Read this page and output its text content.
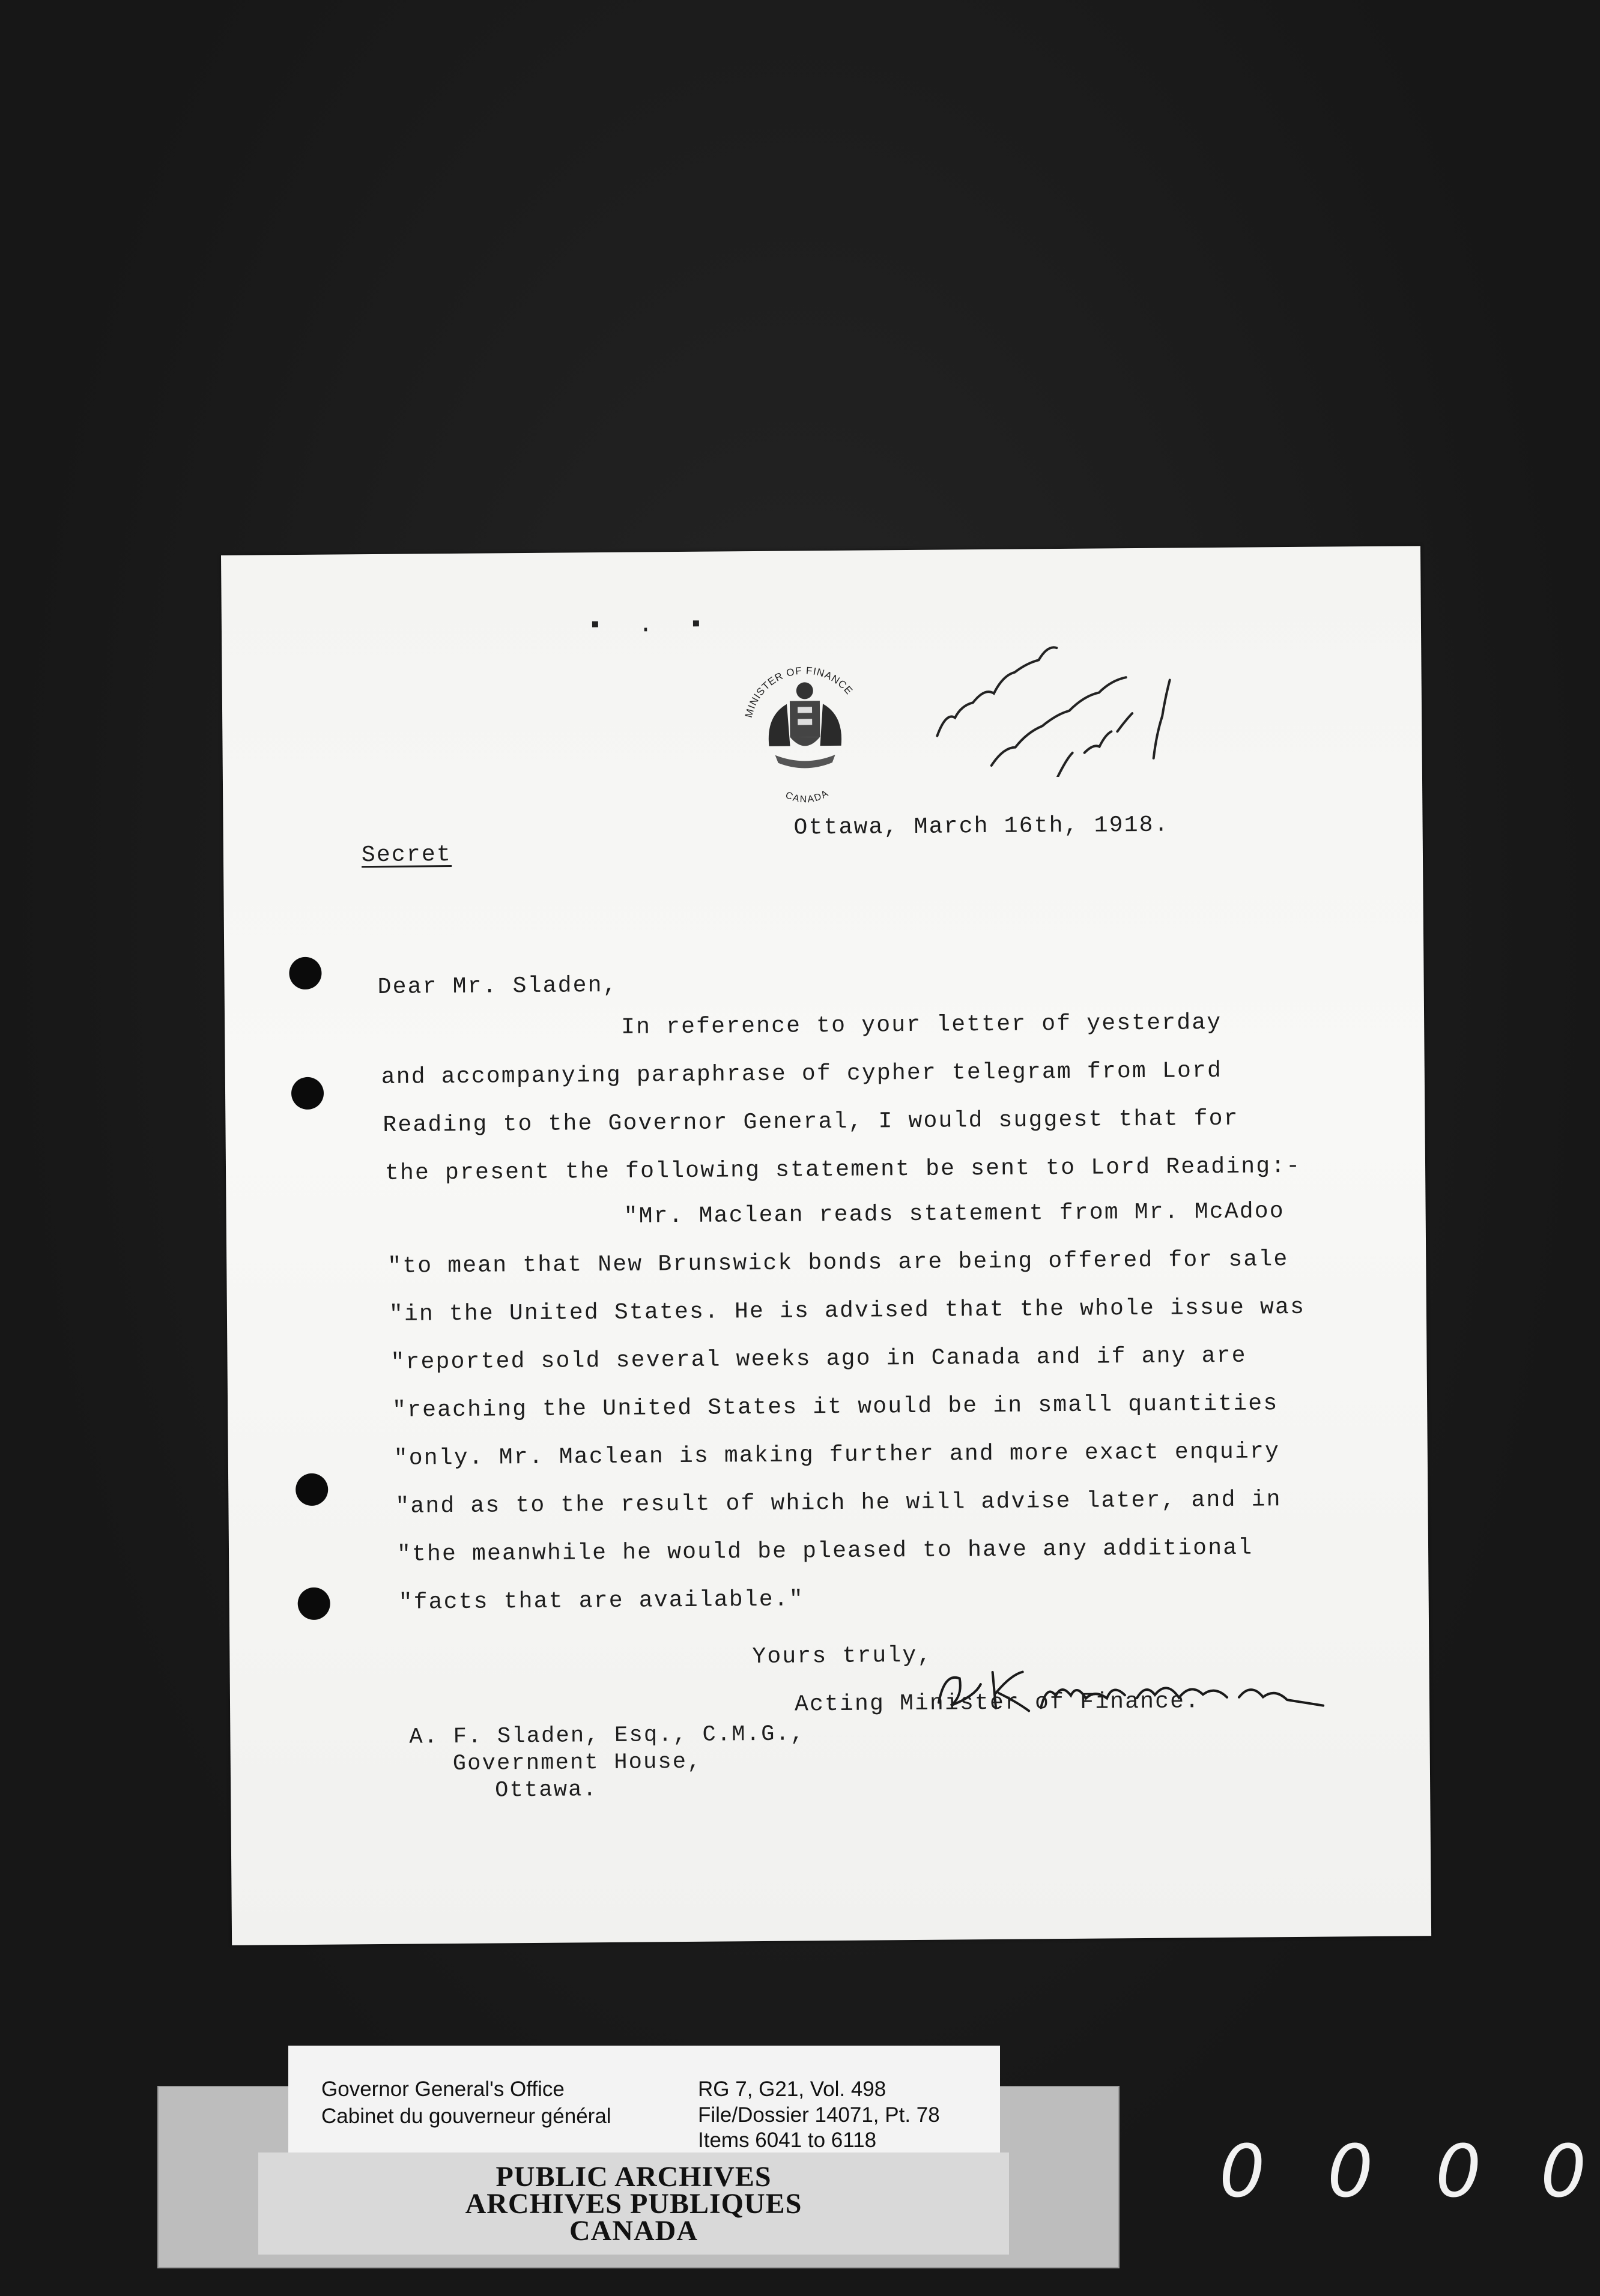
▪ . ▪
MINISTER OF FINANCE
CANADA
Secret
Ottawa, March 16th, 1918.
Dear Mr. Sladen,
In reference to your letter of yesterday
and accompanying paraphrase of cypher telegram from Lord
Reading to the Governor General, I would suggest that for
the present the following statement be sent to Lord Reading:-
"Mr. Maclean reads statement from Mr. McAdoo
"to mean that New Brunswick bonds are being offered for sale
"in the United States. He is advised that the whole issue was
"reported sold several weeks ago in Canada and if any are
"reaching the United States it would be in small quantities
"only. Mr. Maclean is making further and more exact enquiry
"and as to the result of which he will advise later, and in
"the meanwhile he would be pleased to have any additional
"facts that are available."
Yours truly,
Acting Minister of Finance.
A. F. Sladen, Esq., C.M.G.,
Government House,
Ottawa.
Governor General's Office
Cabinet du gouverneur général
RG 7, G21, Vol. 498
File/Dossier 14071, Pt. 78
Items 6041 to 6118
PUBLIC ARCHIVES
ARCHIVES PUBLIQUES
CANADA
0 0 0 0
